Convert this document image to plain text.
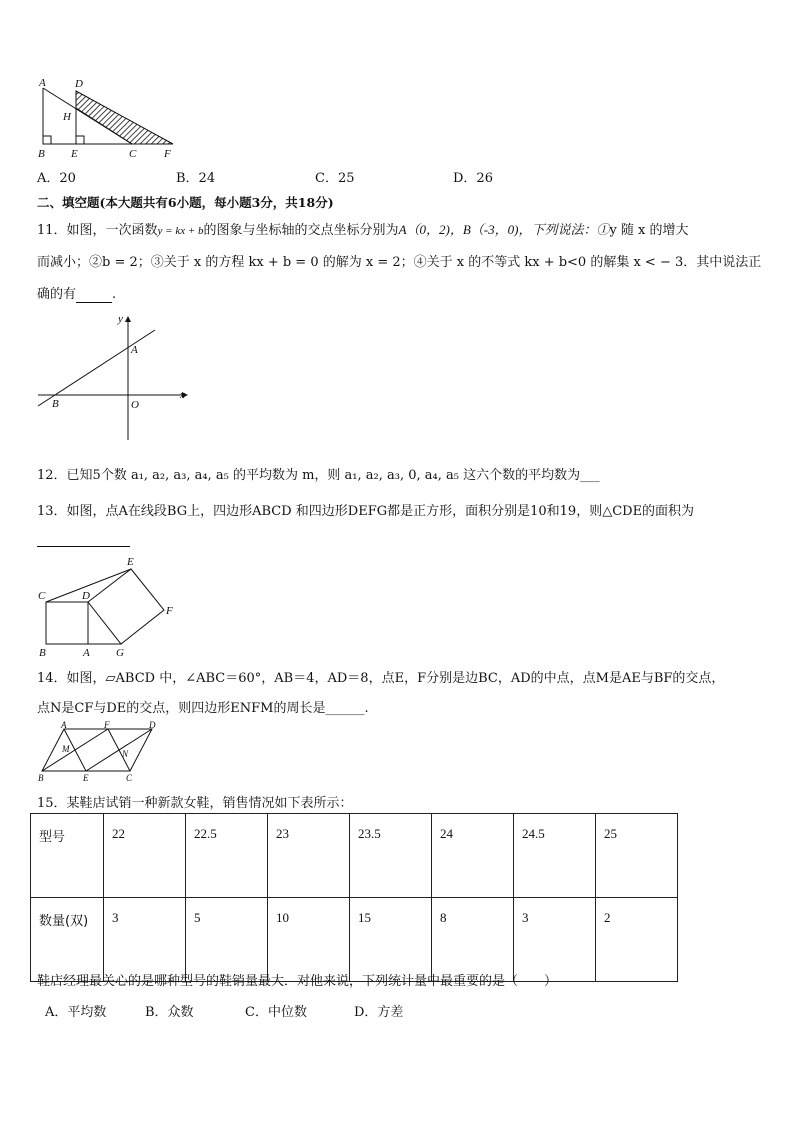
A	D
H
B E	C	F
A．20	B．24	C．25	D．26
二、填空题(本大题共有6小题，每小题3分，共18分)
11．如图，一次函数y = kx + b的图象与坐标轴的交点坐标分别为A（0，2)，B（-3，0)，下列说法：①y 随 x 的增大
而减小；②b = 2；③关于 x 的方程 kx + b = 0 的解为 x = 2；④关于 x 的不等式 kx + b<0 的解集 x < − 3．其中说法正
确的有	.
y
x
A
B	O
12．已知5个数 a₁, a₂, a₃, a₄, a₅ 的平均数为 m，则 a₁, a₂, a₃, 0, a₄, a₅ 这六个数的平均数为___
13．如图，点A在线段BG上，四边形ABCD 和四边形DEFG都是正方形，面积分别是10和19，则△CDE的面积为

C	D
E
F
B	A G
14．如图，▱ABCD 中，∠ABC＝60°，AB＝4，AD＝8，点E，F分别是边BC，AD的中点，点M是AE与BF的交点，
点N是CF与DE的交点，则四边形ENFM的周长是______.
A	F	D
M	N
B	E	C
15．某鞋店试销一种新款女鞋，销售情况如下表所示：
型号	22	22.5	23	23.5	24	24.5	25
数量(双)	3	5	10	15	8	3	2
鞋店经理最关心的是哪种型号的鞋销量最大．对他来说，下列统计量中最重要的是（　　）
A．平均数	B．众数	C．中位数	D．方差
